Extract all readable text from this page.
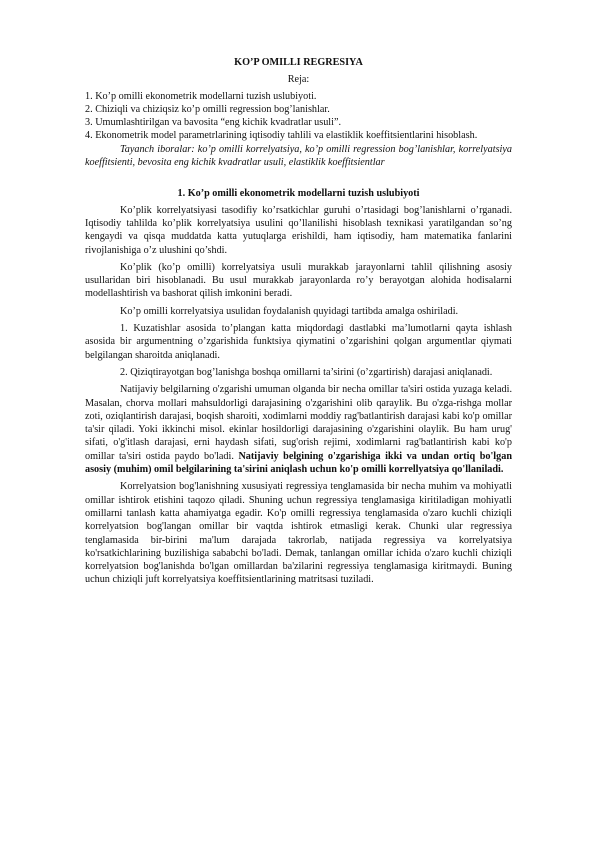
KO’P OMILLI REGRESIYA
Reja:
1. Ko’p omilli ekonometrik modellarni tuzish uslubiyoti.
2. Chiziqli va chiziqsiz ko’p omilli regression bog’lanishlar.
3. Umumlashtirilgan va bavosita “eng kichik kvadratlar usuli”.
4. Ekonometrik model parametrlarining iqtisodiy tahlili va elastiklik koeffitsientlarini hisoblash.

Tayanch iboralar: ko’p omilli korrelyatsiya, ko’p omilli regression bog’lanishlar, korrelyatsiya koeffitsienti, bevosita eng kichik kvadratlar usuli, elastiklik koeffitsientlar

1. Ko’p omilli ekonometrik modellarni tuzish uslubiyoti

Ko’plik korrelyatsiyasi tasodifiy ko’rsatkichlar guruhi o’rtasidagi bog’lanishlarni o’rganadi. Iqtisodiy tahlilda ko’plik korrelyatsiya usulini qo’llanilishi hisoblash texnikasi yaratilgandan so’ng kengaydi va qisqa muddatda katta yutuqlarga erishildi, ham iqtisodiy, ham matematika fanlarini rivojlanishiga o’z ulushini qo’shdi.

Ko’plik (ko’p omilli) korrelyatsiya usuli murakkab jarayonlarni tahlil qilishning asosiy usullaridan biri hisoblanadi. Bu usul murakkab jarayonlarda ro’y berayotgan alohida hodisalarni modellashtirish va bashorat qilish imkonini beradi.

Ko’p omilli korrelyatsiya usulidan foydalanish quyidagi tartibda amalga oshiriladi.

1. Kuzatishlar asosida to’plangan katta miqdordagi dastlabki ma’lumotlarni qayta ishlash asosida bir argumentning o’zgarishida funktsiya qiymatini o’zgarishini qolgan argumentlar qiymati belgilangan sharoitda aniqlanadi.

2. Qiziqtirayotgan bog’lanishga boshqa omillarni ta’sirini (o’zgartirish) darajasi aniqlanadi.

Natijaviy belgilarning o'zgarishi umuman olganda bir necha omillar ta'siri ostida yuzaga keladi. Masalan, chorva mollari mahsuldorligi darajasining o'zgarishini olib qaraylik. Bu o'zga-rishga mollar zoti, oziqlantirish darajasi, boqish sharoiti, xodimlarni moddiy rag'batlantirish darajasi kabi ko'p omillar ta'sir qiladi. Yoki ikkinchi misol. ekinlar hosildorligi darajasining o'zgarishini olaylik. Bu ham urug' sifati, o'g'itlash darajasi, erni haydash sifati, sug'orish rejimi, xodimlarni rag'batlantirish kabi ko'p omillar ta'siri ostida paydo bo'ladi. Natijaviy belgining o'zgarishiga ikki va undan ortiq bo'lgan asosiy (muhim) omil belgilarining ta'sirini aniqlash uchun ko'p omilli korrellyatsiya qo'llaniladi.

Korrelyatsion bog'lanishning xususiyati regressiya tenglamasida bir necha muhim va mohiyatli omillar ishtirok etishini taqozo qiladi. Shuning uchun regressiya tenglamasiga kiritiladigan mohiyatli omillarni tanlash katta ahamiyatga egadir. Ko'p omilli regressiya tenglamasida o'zaro kuchli chiziqli korrelyatsion bog'langan omillar bir vaqtda ishtirok etmasligi kerak. Chunki ular regressiya tenglamasida bir-birini ma'lum darajada takrorlab, natijada regressiya va korrelyatsiya ko'rsatkichlarining buzilishiga sababchi bo'ladi. Demak, tanlangan omillar ichida o'zaro kuchli chiziqli korrelyatsion bog'lanishda bo'lgan omillardan ba'zilarini regressiya tenglamasiga kiritmaydi. Buning uchun chiziqli juft korrelyatsiya koeffitsientlarining matritsasi tuziladi.
